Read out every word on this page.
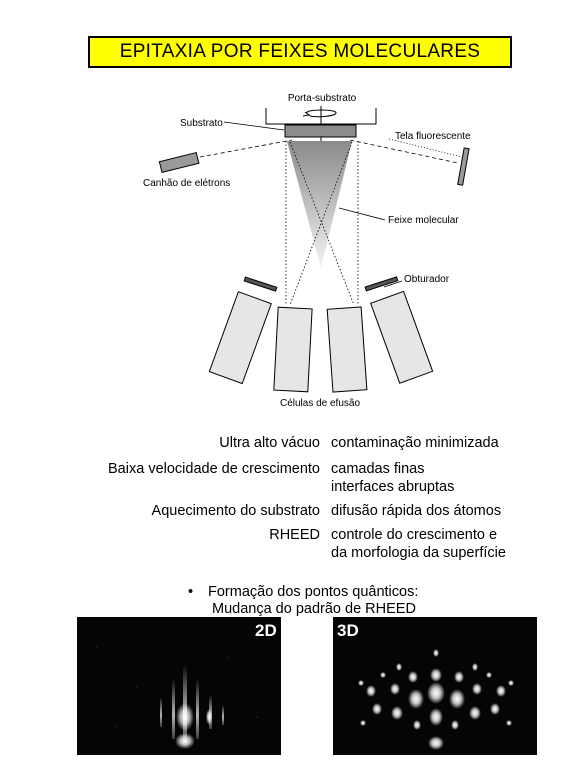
EPITAXIA POR FEIXES MOLECULARES
Porta-substrato
Substrato
Tela fluorescente
Canhão de elétrons
Feixe molecular
Obturador
Células de efusão
Ultra alto vácuo contaminação minimizada
Baixa velocidade de crescimento camadas finas
interfaces abruptas
Aquecimento do substrato difusão rápida dos átomos
RHEED controle do crescimento e
da morfologia da superfície
• Formação dos pontos quânticos:
Mudança do padrão de RHEED
2D	3D
